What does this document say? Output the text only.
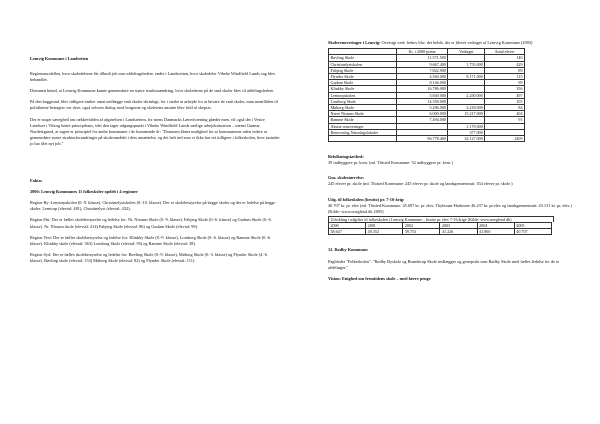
Lemvig Kommune i Landretten

Regionsmodellen, hvor skoledeleme får tilbudt job som afdelingsledere, endte i Landsretten, hvor skoledeler Vibeke Windfield Lunds sag blev behandlet.

Dommen betød, at Lemvig Kommune kunne gennemføre en større strukturændring, hvor skolederne på de små skoler blev til afdelingsledere.

På den baggrund, blev tidligere tanker omat nedlægge små skoler skrinlagt, for i stedet at arbejde for at bevare de små skoler, man mentlliden til politikerne betragter var dyre, også selvom dialog mod borgerne og skolernes ansatte blev fuld af skepsis.

Der er noget særegbed om rækkevidden af afgørelsen i Landsretten, for mens Danmarks Lærerforening glæder men, vil også det i Vestre Landsret i Viborg hente principdoms, idet den tager udgangspunkt i Vibeke Windfield Lunds særlige arbejdssituation – menet Gunnar Nordestgaard, at sagen er principiel for andre kommuner i de kommende år: "Dommen åbner mulighed for at kommunerne uden videre at gennemføre større strukturforandringer på skoleområdet i dets ansættelse, og det helt ind som vi ikke har set tidligere i folkeskolen, hvor tusinder jo har fået nyt job."

Fakta:

2006: Lemvig Kommunes 11 folkeskoler opdelt i 4 regioner

Region By: Lemtorpskolen (0.-9. klasse), Christinelystskolen (0.-10. klasse). Der er skolebestyrelse på begge skoler og der er ledelse på begge skoler. Lemtorp (elevtal: 481), Christinelyst (elevtal: 432).

Region Øst: Der er fælles skolebestyrelse og ledelse for: Nr. Nissum Skole (0.-9. klasse), Fabjerg Skole (0.-6. klasse) og Gudum Skole (0.-6. klasse). Nr. Nissum skole (elevtal: 414) Fabjerg Skole (elevtal: 86) og Gudum Skole (elevtal: 99).

Region Vest: Der er fælles skolebestyrelse og ledelse for: Klinkby Skole (0.-9. klasse), Lomborg Skole (0.-6. klasse) og Ramme Skole (0.-6. klasse). Klinkby skole (elevtal: 363) Lomborg Skole (elevtal: 95) og Ramme Skole (elevtal: 38).

Region Syd: Der er fælles skolebestyrelse og ledelse for: Bøvling Skole (0.-9. klasse), Møborg Skole (0.-3. klasse) og Flynder Skole (4.-6. klasse). Bøvling skole (elevtal: 153) Møborg Skole (elevtal: 82) og Flynder Skole (elevtal: 111).

Skolerenoveringer i Lemvig: Oversigt vedr. behov hhv. det beløb, der er blevet vedtaget af Lemvig Kommune (2003)

	Kr. i 2000-priser	Vedtaget	Antal elever
Bøvling Skole	11.571.500		140
Christinelystskolen	9.667.400	1.755.000	429
Fabjerg Skole	7.822.900		89
Flynder Skole	4.560.000	8.171.000	115
Gudum Skole	8.146.000		99
Klinkby Skole	16.786.000		356
Lemtorpskolen	5.840.000	2.250.000	497
Lomborg Skole	14.359.000		105
Møborg Skole	5.296.000	3.218.000	84
Nørre Nissum Skole	6.000.000	15.217.000	404
Ramme Skole	7.494.000		91
Akutte renoveringer		1.179.000	
Renovering Naturfagslokaler		377.000	
	96.778.400	32.127.000	2409

Befolkningstæthed:

39 indbyggere pr. kvm. (ml. Thisted Kommune: 52 indbyggere pr. kvm.)

Gns. skolestørrelse:

245 elever pr. skole (ml. Thisted Kommune: 245 elever pr. skole og landsgennemsnit: 354 elever pr. skole.)

Udg. til folkeskolen (brutto) pr. 7-16-årig:

40.707 kr. pr. elev (ml. Thisted Kommune: 45.697 kr. pr. elev, Thyborøn-Harboøre 46.237 kr. pr.elev og landsgennemsnit: 43.131 kr. pr. elev.)

(Kilde: www.noegletal.dk 2005)

Udvikling i udgifter til folkeskolen i Lemvig Kommune – brutto pr. elev 7-16 årige (Kilde: www.noegletal.dk)
2000	2001	2002	2003	2004	2005
38.647	40.352	39.753	41.226	41.860	40.707

12. Rødby Kommune:

Pagbladet "Folkeskolen": "Rødby Byskole og Brunderup Skole nedlægges og genopstår som Rødby Skole med fælles ledelse for de to afdelinger."

Vision: Enighed om fremtidens skole – med færre penge
